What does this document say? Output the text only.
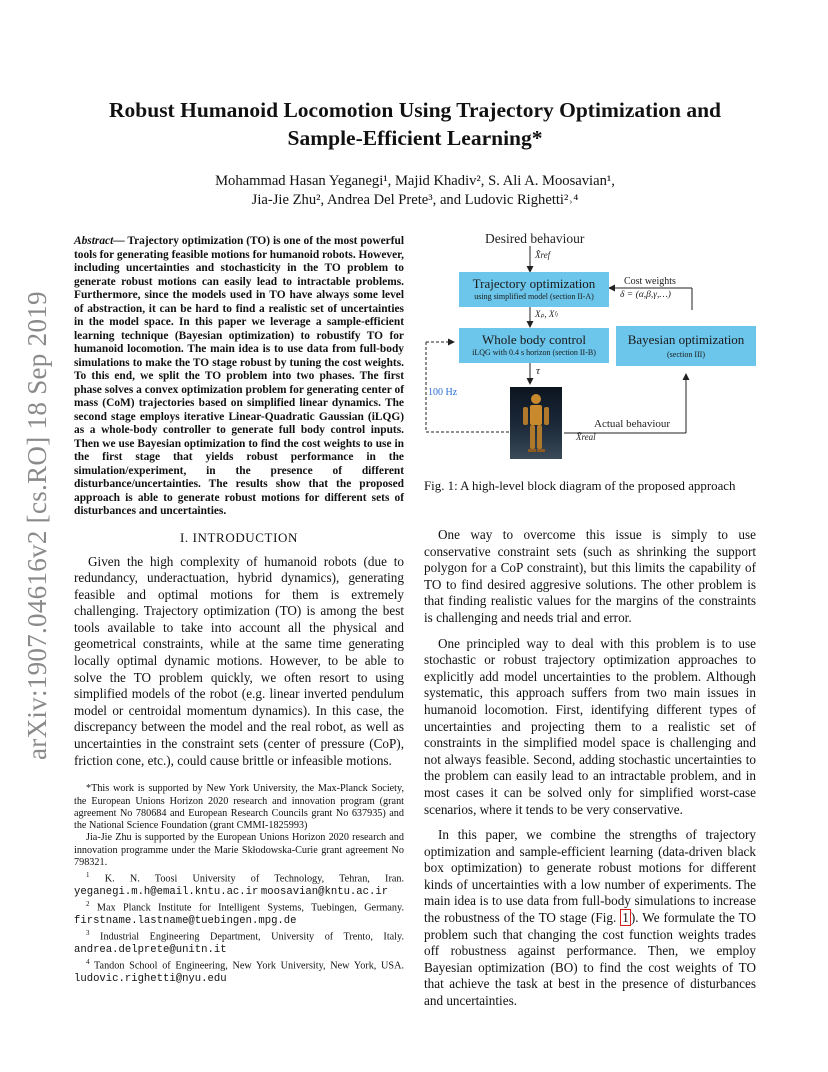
arXiv:1907.04616v2 [cs.RO] 18 Sep 2019
Robust Humanoid Locomotion Using Trajectory Optimization and
Sample-Efficient Learning*
Mohammad Hasan Yeganegi¹, Majid Khadiv², S. Ali A. Moosavian¹,
Jia-Jie Zhu², Andrea Del Prete³, and Ludovic Righetti²˒⁴
Abstract— Trajectory optimization (TO) is one of the most powerful tools for generating feasible motions for humanoid robots. However, including uncertainties and stochasticity in the TO problem to generate robust motions can easily lead to intractable problems. Furthermore, since the models used in TO have always some level of abstraction, it can be hard to find a realistic set of uncertainties in the model space. In this paper we leverage a sample-efficient learning technique (Bayesian optimization) to robustify TO for humanoid locomotion. The main idea is to use data from full-body simulations to make the TO stage robust by tuning the cost weights. To this end, we split the TO problem into two phases. The first phase solves a convex optimization problem for generating center of mass (CoM) trajectories based on simplified linear dynamics. The second stage employs iterative Linear-Quadratic Gaussian (iLQG) as a whole-body controller to generate full body control inputs. Then we use Bayesian optimization to find the cost weights to use in the first stage that yields robust performance in the simulation/experiment, in the presence of different disturbance/uncertainties. The results show that the proposed approach is able to generate robust motions for different sets of disturbances and uncertainties.
I. INTRODUCTION

Given the high complexity of humanoid robots (due to redundancy, underactuation, hybrid dynamics), generating feasible and optimal motions for them is extremely challenging. Trajectory optimization (TO) is among the best tools available to take into account all the physical and geometrical constraints, while at the same time generating locally optimal dynamic motions. However, to be able to solve the TO problem quickly, we often resort to using simplified models of the robot (e.g. linear inverted pendulum model or centroidal momentum dynamics). In this case, the discrepancy between the model and the real robot, as well as uncertainties in the constraint sets (center of pressure (CoP), friction cone, etc.), could cause brittle or infeasible motions.

*This work is supported by New York University, the Max-Planck Society, the European Unions Horizon 2020 research and innovation program (grant agreement No 780684 and European Research Councils grant No 637935) and the National Science Foundation (grant CMMI-1825993)

Jia-Jie Zhu is supported by the European Unions Horizon 2020 research and innovation programme under the Marie Skłodowska-Curie grant agreement No 798321.

$^1$ K. N. Toosi University of Technology, Tehran, Iran. yeganegi.m.h@email.kntu.ac.ir moosavian@kntu.ac.ir

$^2$ Max Planck Institute for Intelligent Systems, Tuebingen, Germany. firstname.lastname@tuebingen.mpg.de

$^3$ Industrial Engineering Department, University of Trento, Italy. andrea.delprete@unitn.it

$^4$ Tandon School of Engineering, New York University, New York, USA. ludovic.righetti@nyu.edu

Desired behaviour
X̂ref
Trajectory optimization
using simplified model (section II-A)
Cost weights
δ = (α,β,γ,…)
Xₚ, Xᶠₗ
Whole body control
iLQG with 0.4 s horizon (section II-B)
Bayesian optimization
(section III)
τ
100 Hz
Actual behaviour
X̂real
Fig. 1: A high-level block diagram of the proposed approach

One way to overcome this issue is simply to use conservative constraint sets (such as shrinking the support polygon for a CoP constraint), but this limits the capability of TO to find desired aggresive solutions. The other problem is that finding realistic values for the margins of the constraints is challenging and needs trial and error.

One principled way to deal with this problem is to use stochastic or robust trajectory optimization approaches to explicitly add model uncertainties to the problem. Although systematic, this approach suffers from two main issues in humanoid locomotion. First, identifying different types of uncertainties and projecting them to a realistic set of constraints in the simplified model space is challenging and not always feasible. Second, adding stochastic uncertainties to the problem can easily lead to an intractable problem, and in most cases it can be solved only for simplified worst-case scenarios, where it tends to be very conservative.

In this paper, we combine the strengths of trajectory optimization and sample-efficient learning (data-driven black box optimization) to generate robust motions for different kinds of uncertainties with a low number of experiments. The main idea is to use data from full-body simulations to increase the robustness of the TO stage (Fig. 1 ). We formulate the TO problem such that changing the cost function weights trades off robustness against performance. Then, we employ Bayesian optimization (BO) to find the cost weights of TO that achieve the task at best in the presence of disturbances and uncertainties.
